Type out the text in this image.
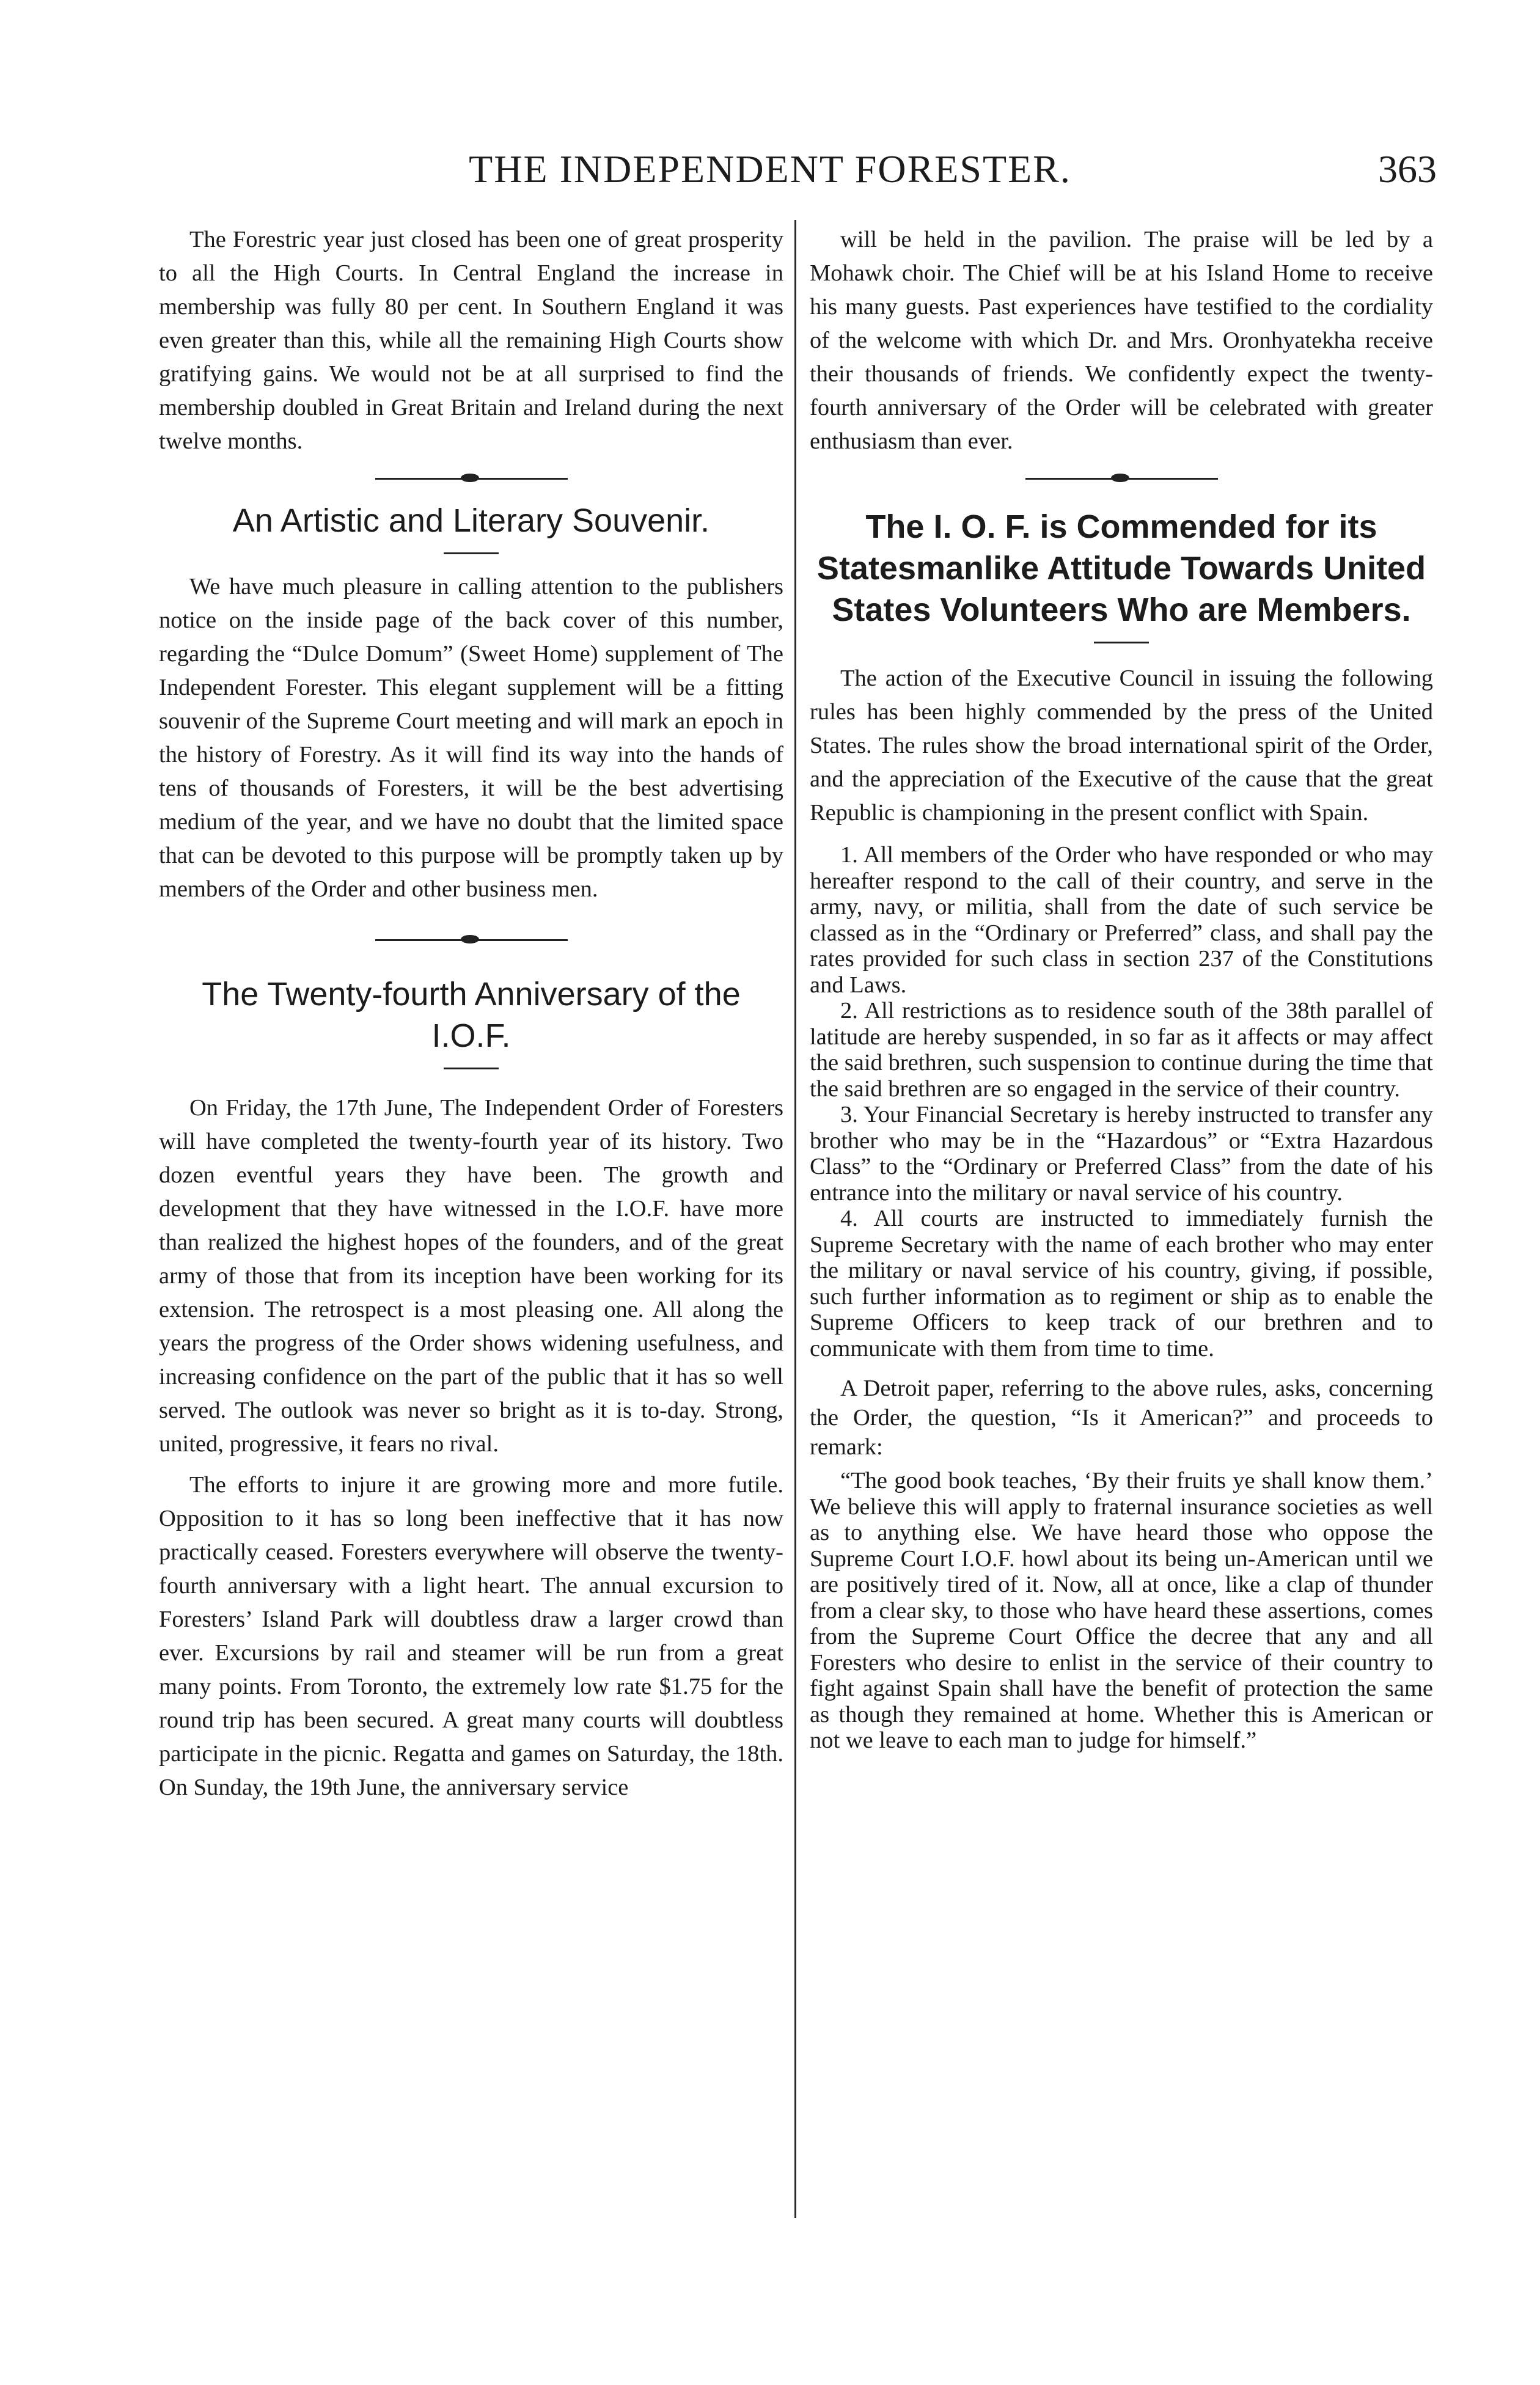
THE INDEPENDENT FORESTER.	363

The Forestric year just closed has been one of great prosperity to all the High Courts. In Central England the increase in membership was fully 80 per cent. In Southern England it was even greater than this, while all the remaining High Courts show gratifying gains. We would not be at all surprised to find the membership doubled in Great Britain and Ireland during the next twelve months.

An Artistic and Literary Souvenir.

We have much pleasure in calling attention to the publishers notice on the inside page of the back cover of this number, regarding the “Dulce Domum” (Sweet Home) supplement of The Independent Forester. This elegant supplement will be a fitting souvenir of the Supreme Court meeting and will mark an epoch in the history of Forestry. As it will find its way into the hands of tens of thousands of Foresters, it will be the best advertising medium of the year, and we have no doubt that the limited space that can be devoted to this purpose will be promptly taken up by members of the Order and other business men.

The Twenty-fourth Anniversary of the I.O.F.

On Friday, the 17th June, The Independent Order of Foresters will have completed the twenty-fourth year of its history. Two dozen eventful years they have been. The growth and development that they have witnessed in the I.O.F. have more than realized the highest hopes of the founders, and of the great army of those that from its inception have been working for its extension. The retrospect is a most pleasing one. All along the years the progress of the Order shows widening usefulness, and increasing confidence on the part of the public that it has so well served. The outlook was never so bright as it is to-day. Strong, united, progressive, it fears no rival.

The efforts to injure it are growing more and more futile. Opposition to it has so long been ineffective that it has now practically ceased. Foresters everywhere will observe the twenty-fourth anniversary with a light heart. The annual excursion to Foresters’ Island Park will doubtless draw a larger crowd than ever. Excursions by rail and steamer will be run from a great many points. From Toronto, the extremely low rate $1.75 for the round trip has been secured. A great many courts will doubtless participate in the picnic. Regatta and games on Saturday, the 18th. On Sunday, the 19th June, the anniversary service

will be held in the pavilion. The praise will be led by a Mohawk choir. The Chief will be at his Island Home to receive his many guests. Past experiences have testified to the cordiality of the welcome with which Dr. and Mrs. Oronhyatekha receive their thousands of friends. We confidently expect the twenty-fourth anniversary of the Order will be celebrated with greater enthusiasm than ever.

The I. O. F. is Commended for its Statesmanlike Attitude Towards United States Volunteers Who are Members.

The action of the Executive Council in issuing the following rules has been highly commended by the press of the United States. The rules show the broad international spirit of the Order, and the appreciation of the Executive of the cause that the great Republic is championing in the present conflict with Spain.

1. All members of the Order who have responded or who may hereafter respond to the call of their country, and serve in the army, navy, or militia, shall from the date of such service be classed as in the “Ordinary or Preferred” class, and shall pay the rates provided for such class in section 237 of the Constitutions and Laws.

2. All restrictions as to residence south of the 38th parallel of latitude are hereby suspended, in so far as it affects or may affect the said brethren, such suspension to continue during the time that the said brethren are so engaged in the service of their country.

3. Your Financial Secretary is hereby instructed to transfer any brother who may be in the “Hazardous” or “Extra Hazardous Class” to the “Ordinary or Preferred Class” from the date of his entrance into the military or naval service of his country.

4. All courts are instructed to immediately furnish the Supreme Secretary with the name of each brother who may enter the military or naval service of his country, giving, if possible, such further information as to regiment or ship as to enable the Supreme Officers to keep track of our brethren and to communicate with them from time to time.

A Detroit paper, referring to the above rules, asks, concerning the Order, the question, “Is it American?” and proceeds to remark:

“The good book teaches, ‘By their fruits ye shall know them.’ We believe this will apply to fraternal insurance societies as well as to anything else. We have heard those who oppose the Supreme Court I.O.F. howl about its being un-American until we are positively tired of it. Now, all at once, like a clap of thunder from a clear sky, to those who have heard these assertions, comes from the Supreme Court Office the decree that any and all Foresters who desire to enlist in the service of their country to fight against Spain shall have the benefit of protection the same as though they remained at home. Whether this is American or not we leave to each man to judge for himself.”
